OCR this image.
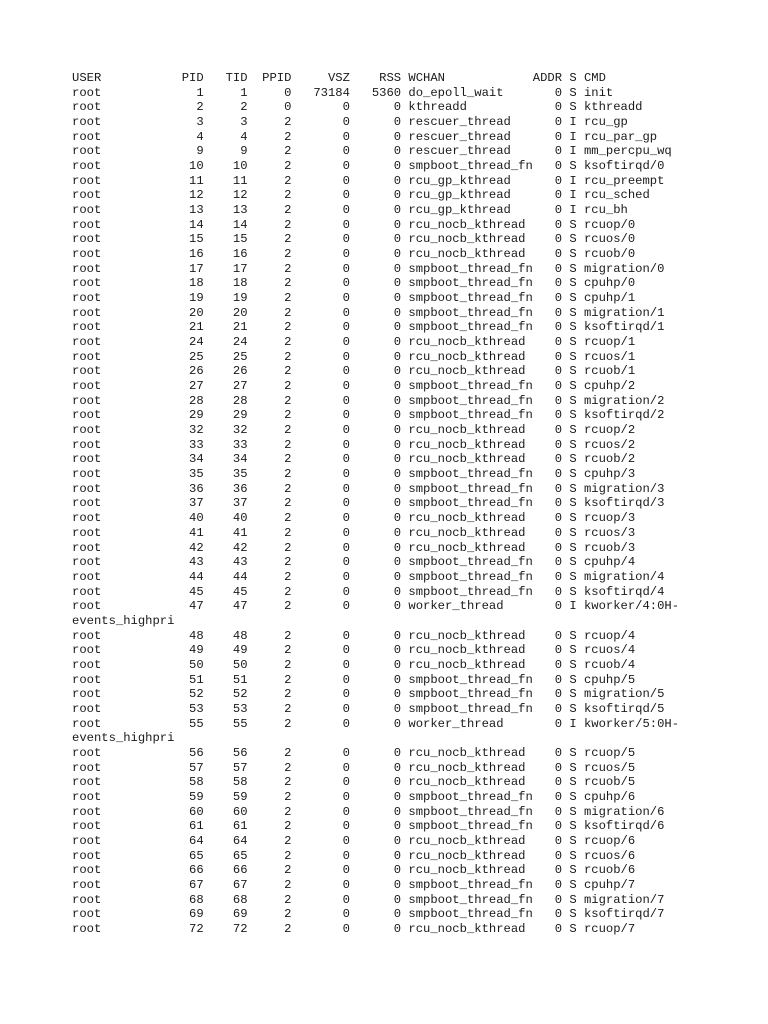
USER           PID   TID  PPID     VSZ    RSS WCHAN            ADDR S CMD
root             1     1     0   73184   5360 do_epoll_wait       0 S init
root             2     2     0       0      0 kthreadd            0 S kthreadd
root             3     3     2       0      0 rescuer_thread      0 I rcu_gp
root             4     4     2       0      0 rescuer_thread      0 I rcu_par_gp
root             9     9     2       0      0 rescuer_thread      0 I mm_percpu_wq
root            10    10     2       0      0 smpboot_thread_fn   0 S ksoftirqd/0
root            11    11     2       0      0 rcu_gp_kthread      0 I rcu_preempt
root            12    12     2       0      0 rcu_gp_kthread      0 I rcu_sched
root            13    13     2       0      0 rcu_gp_kthread      0 I rcu_bh
root            14    14     2       0      0 rcu_nocb_kthread    0 S rcuop/0
root            15    15     2       0      0 rcu_nocb_kthread    0 S rcuos/0
root            16    16     2       0      0 rcu_nocb_kthread    0 S rcuob/0
root            17    17     2       0      0 smpboot_thread_fn   0 S migration/0
root            18    18     2       0      0 smpboot_thread_fn   0 S cpuhp/0
root            19    19     2       0      0 smpboot_thread_fn   0 S cpuhp/1
root            20    20     2       0      0 smpboot_thread_fn   0 S migration/1
root            21    21     2       0      0 smpboot_thread_fn   0 S ksoftirqd/1
root            24    24     2       0      0 rcu_nocb_kthread    0 S rcuop/1
root            25    25     2       0      0 rcu_nocb_kthread    0 S rcuos/1
root            26    26     2       0      0 rcu_nocb_kthread    0 S rcuob/1
root            27    27     2       0      0 smpboot_thread_fn   0 S cpuhp/2
root            28    28     2       0      0 smpboot_thread_fn   0 S migration/2
root            29    29     2       0      0 smpboot_thread_fn   0 S ksoftirqd/2
root            32    32     2       0      0 rcu_nocb_kthread    0 S rcuop/2
root            33    33     2       0      0 rcu_nocb_kthread    0 S rcuos/2
root            34    34     2       0      0 rcu_nocb_kthread    0 S rcuob/2
root            35    35     2       0      0 smpboot_thread_fn   0 S cpuhp/3
root            36    36     2       0      0 smpboot_thread_fn   0 S migration/3
root            37    37     2       0      0 smpboot_thread_fn   0 S ksoftirqd/3
root            40    40     2       0      0 rcu_nocb_kthread    0 S rcuop/3
root            41    41     2       0      0 rcu_nocb_kthread    0 S rcuos/3
root            42    42     2       0      0 rcu_nocb_kthread    0 S rcuob/3
root            43    43     2       0      0 smpboot_thread_fn   0 S cpuhp/4
root            44    44     2       0      0 smpboot_thread_fn   0 S migration/4
root            45    45     2       0      0 smpboot_thread_fn   0 S ksoftirqd/4
root            47    47     2       0      0 worker_thread       0 I kworker/4:0H-
events_highpri
root            48    48     2       0      0 rcu_nocb_kthread    0 S rcuop/4
root            49    49     2       0      0 rcu_nocb_kthread    0 S rcuos/4
root            50    50     2       0      0 rcu_nocb_kthread    0 S rcuob/4
root            51    51     2       0      0 smpboot_thread_fn   0 S cpuhp/5
root            52    52     2       0      0 smpboot_thread_fn   0 S migration/5
root            53    53     2       0      0 smpboot_thread_fn   0 S ksoftirqd/5
root            55    55     2       0      0 worker_thread       0 I kworker/5:0H-
events_highpri
root            56    56     2       0      0 rcu_nocb_kthread    0 S rcuop/5
root            57    57     2       0      0 rcu_nocb_kthread    0 S rcuos/5
root            58    58     2       0      0 rcu_nocb_kthread    0 S rcuob/5
root            59    59     2       0      0 smpboot_thread_fn   0 S cpuhp/6
root            60    60     2       0      0 smpboot_thread_fn   0 S migration/6
root            61    61     2       0      0 smpboot_thread_fn   0 S ksoftirqd/6
root            64    64     2       0      0 rcu_nocb_kthread    0 S rcuop/6
root            65    65     2       0      0 rcu_nocb_kthread    0 S rcuos/6
root            66    66     2       0      0 rcu_nocb_kthread    0 S rcuob/6
root            67    67     2       0      0 smpboot_thread_fn   0 S cpuhp/7
root            68    68     2       0      0 smpboot_thread_fn   0 S migration/7
root            69    69     2       0      0 smpboot_thread_fn   0 S ksoftirqd/7
root            72    72     2       0      0 rcu_nocb_kthread    0 S rcuop/7
